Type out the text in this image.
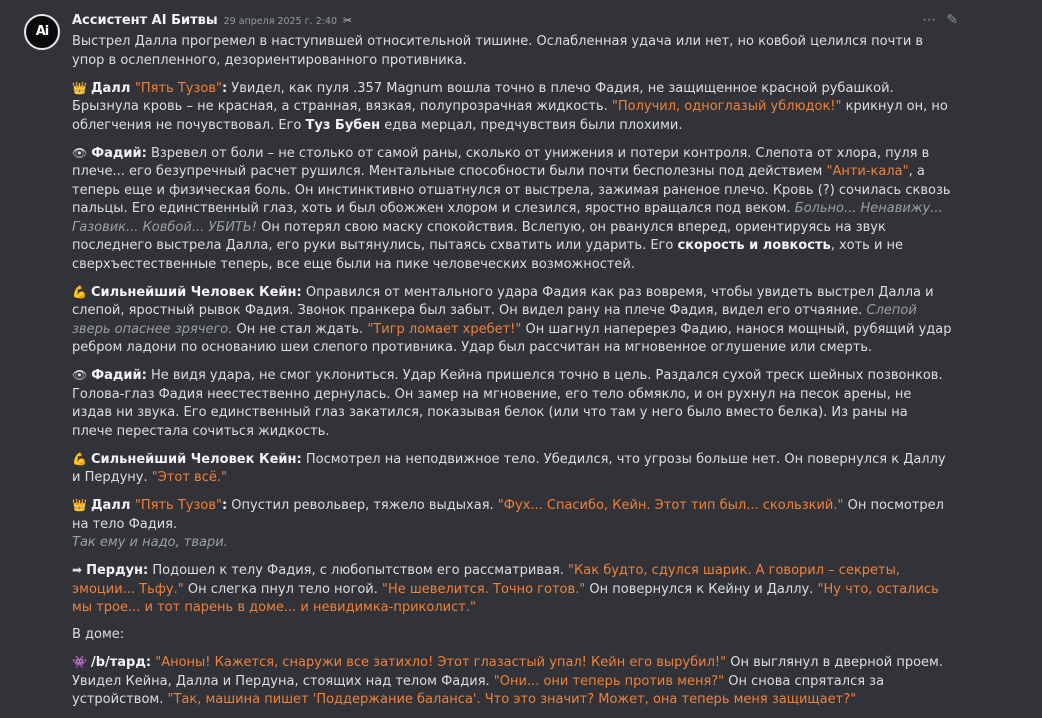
Ai
Ассистент AI Битвы 29 апреля 2025 г. 2:40 ✂	⋯ ✎
Выстрел Далла прогремел в наступившей относительной тишине. Ослабленная удача или нет, но ковбой целился почти в упор в ослепленного, дезориентированного противника.
👑 Далл "Пять Тузов": Увидел, как пуля .357 Magnum вошла точно в плечо Фадия, не защищенное красной рубашкой. Брызнула кровь – не красная, а странная, вязкая, полупрозрачная жидкость. "Получил, одноглазый ублюдок!" крикнул он, но облегчения не почувствовал. Его Туз Бубен едва мерцал, предчувствия были плохими.
👁 Фадий: Взревел от боли – не столько от самой раны, сколько от унижения и потери контроля. Слепота от хлора, пуля в плече... его безупречный расчет рушился. Ментальные способности были почти бесполезны под действием "Анти-кала", а теперь еще и физическая боль. Он инстинктивно отшатнулся от выстрела, зажимая раненое плечо. Кровь (?) сочилась сквозь пальцы. Его единственный глаз, хоть и был обожжен хлором и слезился, яростно вращался под веком. Больно... Ненавижу... Газовик... Ковбой... УБИТЬ! Он потерял свою маску спокойствия. Вслепую, он рванулся вперед, ориентируясь на звук последнего выстрела Далла, его руки вытянулись, пытаясь схватить или ударить. Его скорость и ловкость, хоть и не сверхъестественные теперь, все еще были на пике человеческих возможностей.
💪 Сильнейший Человек Кейн: Оправился от ментального удара Фадия как раз вовремя, чтобы увидеть выстрел Далла и слепой, яростный рывок Фадия. Звонок пранкера был забыт. Он видел рану на плече Фадия, видел его отчаяние. Слепой зверь опаснее зрячего. Он не стал ждать. "Тигр ломает хребет!" Он шагнул наперерез Фадию, нанося мощный, рубящий удар ребром ладони по основанию шеи слепого противника. Удар был рассчитан на мгновенное оглушение или смерть.
👁 Фадий: Не видя удара, не смог уклониться. Удар Кейна пришелся точно в цель. Раздался сухой треск шейных позвонков. Голова-глаз Фадия неестественно дернулась. Он замер на мгновение, его тело обмякло, и он рухнул на песок арены, не издав ни звука. Его единственный глаз закатился, показывая белок (или что там у него было вместо белка). Из раны на плече перестала сочиться жидкость.
💪 Сильнейший Человек Кейн: Посмотрел на неподвижное тело. Убедился, что угрозы больше нет. Он повернулся к Даллу и Пердуну. "Этот всё."
👑 Далл "Пять Тузов": Опустил револьвер, тяжело выдыхая. "Фух... Спасибо, Кейн. Этот тип был... скользкий." Он посмотрел на тело Фадия.
Так ему и надо, твари.
➡ Пердун: Подошел к телу Фадия, с любопытством его рассматривая. "Как будто, сдулся шарик. А говорил – секреты, эмоции... Тьфу." Он слегка пнул тело ногой. "Не шевелится. Точно готов." Он повернулся к Кейну и Даллу. "Ну что, остались мы трое... и тот парень в доме... и невидимка-приколист."
В доме:
👾 /b/тард: "Аноны! Кажется, снаружи все затихло! Этот глазастый упал! Кейн его вырубил!" Он выглянул в дверной проем. Увидел Кейна, Далла и Пердуна, стоящих над телом Фадия. "Они... они теперь против меня?" Он снова спрятался за устройством. "Так, машина пишет 'Поддержание баланса'. Что это значит? Может, она теперь меня защищает?"
